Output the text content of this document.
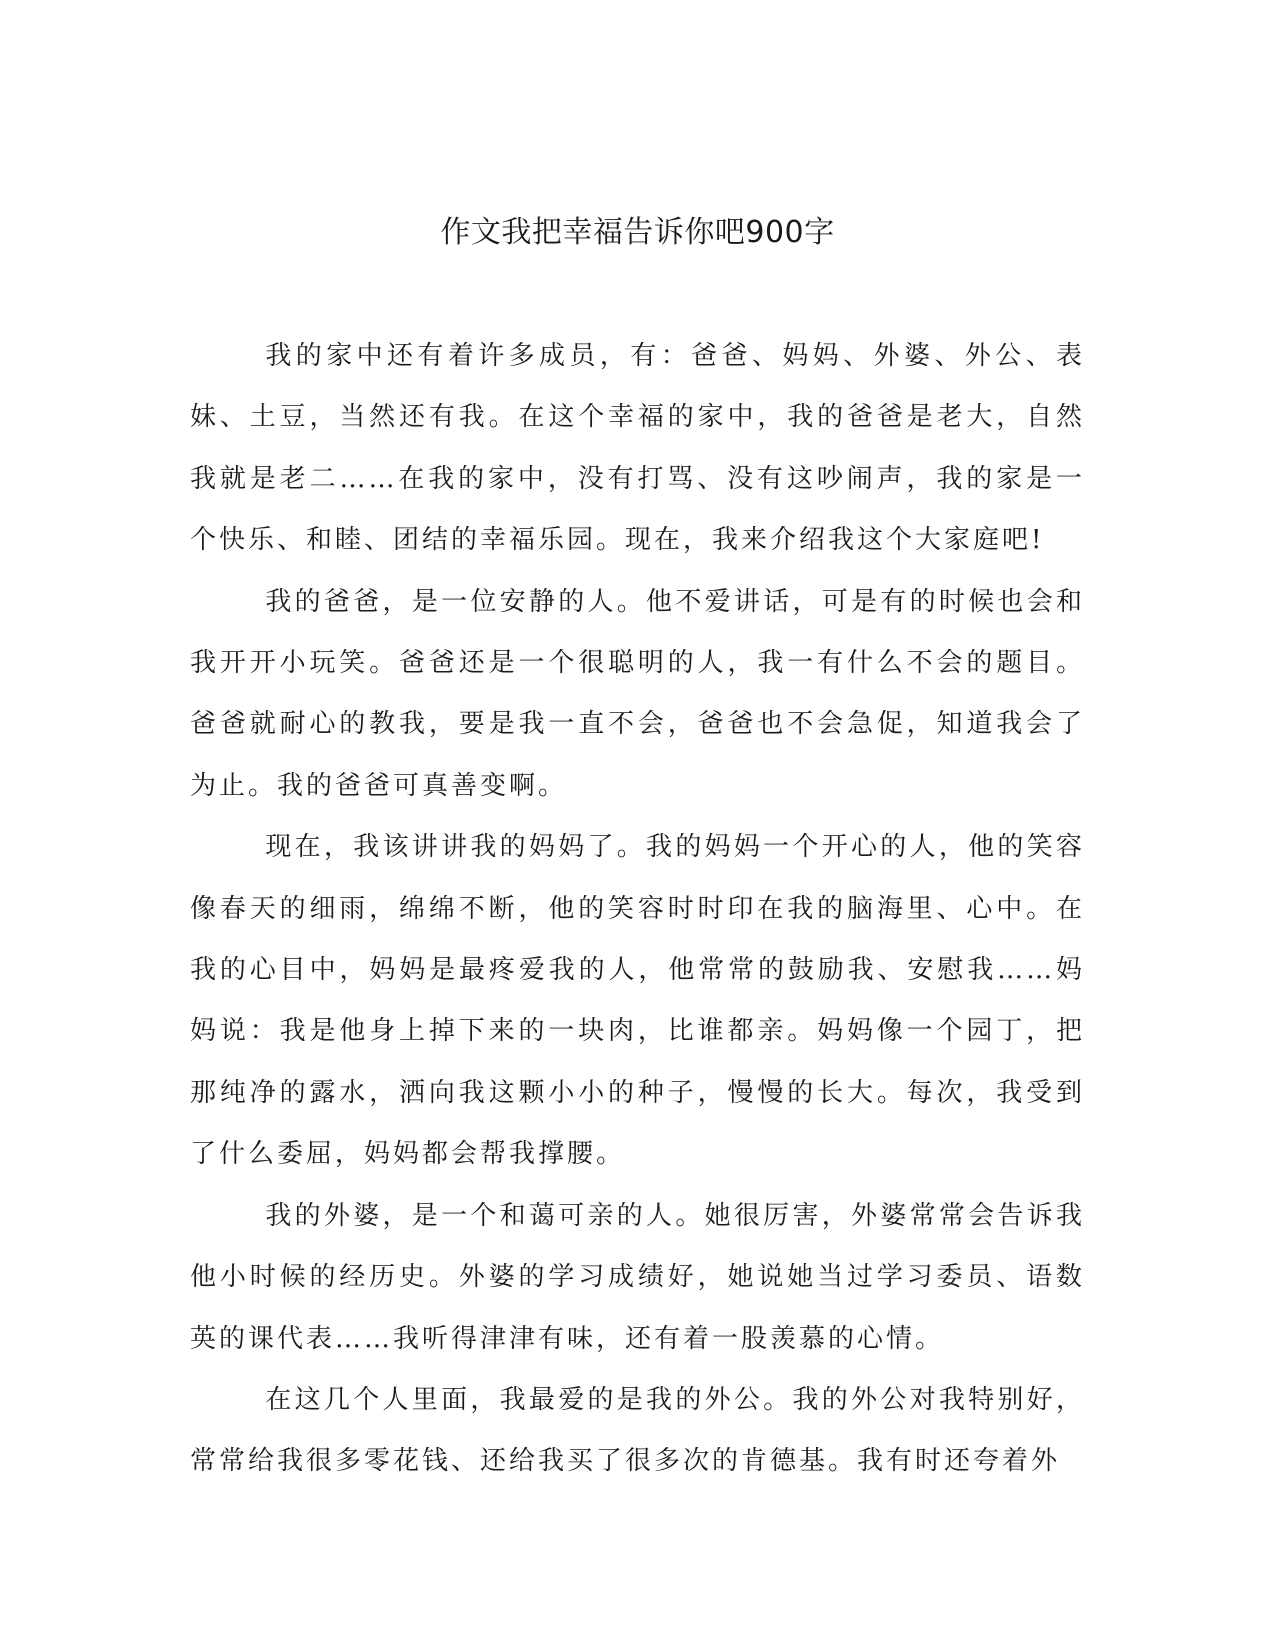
作文我把幸福告诉你吧900字

我的家中还有着许多成员，有：爸爸、妈妈、外婆、外公、表妹、土豆，当然还有我。在这个幸福的家中，我的爸爸是老大，自然我就是老二……在我的家中，没有打骂、没有这吵闹声，我的家是一个快乐、和睦、团结的幸福乐园。现在，我来介绍我这个大家庭吧!

我的爸爸，是一位安静的人。他不爱讲话，可是有的时候也会和我开开小玩笑。爸爸还是一个很聪明的人，我一有什么不会的题目。爸爸就耐心的教我，要是我一直不会，爸爸也不会急促，知道我会了为止。我的爸爸可真善变啊。

现在，我该讲讲我的妈妈了。我的妈妈一个开心的人，他的笑容像春天的细雨，绵绵不断，他的笑容时时印在我的脑海里、心中。在我的心目中，妈妈是最疼爱我的人，他常常的鼓励我、安慰我……妈妈说：我是他身上掉下来的一块肉，比谁都亲。妈妈像一个园丁，把那纯净的露水，洒向我这颗小小的种子，慢慢的长大。每次，我受到了什么委屈，妈妈都会帮我撑腰。

我的外婆，是一个和蔼可亲的人。她很厉害，外婆常常会告诉我他小时候的经历史。外婆的学习成绩好，她说她当过学习委员、语数英的课代表……我听得津津有味，还有着一股羡慕的心情。

在这几个人里面，我最爱的是我的外公。我的外公对我特别好，常常给我很多零花钱、还给我买了很多次的肯德基。我有时还夸着外
